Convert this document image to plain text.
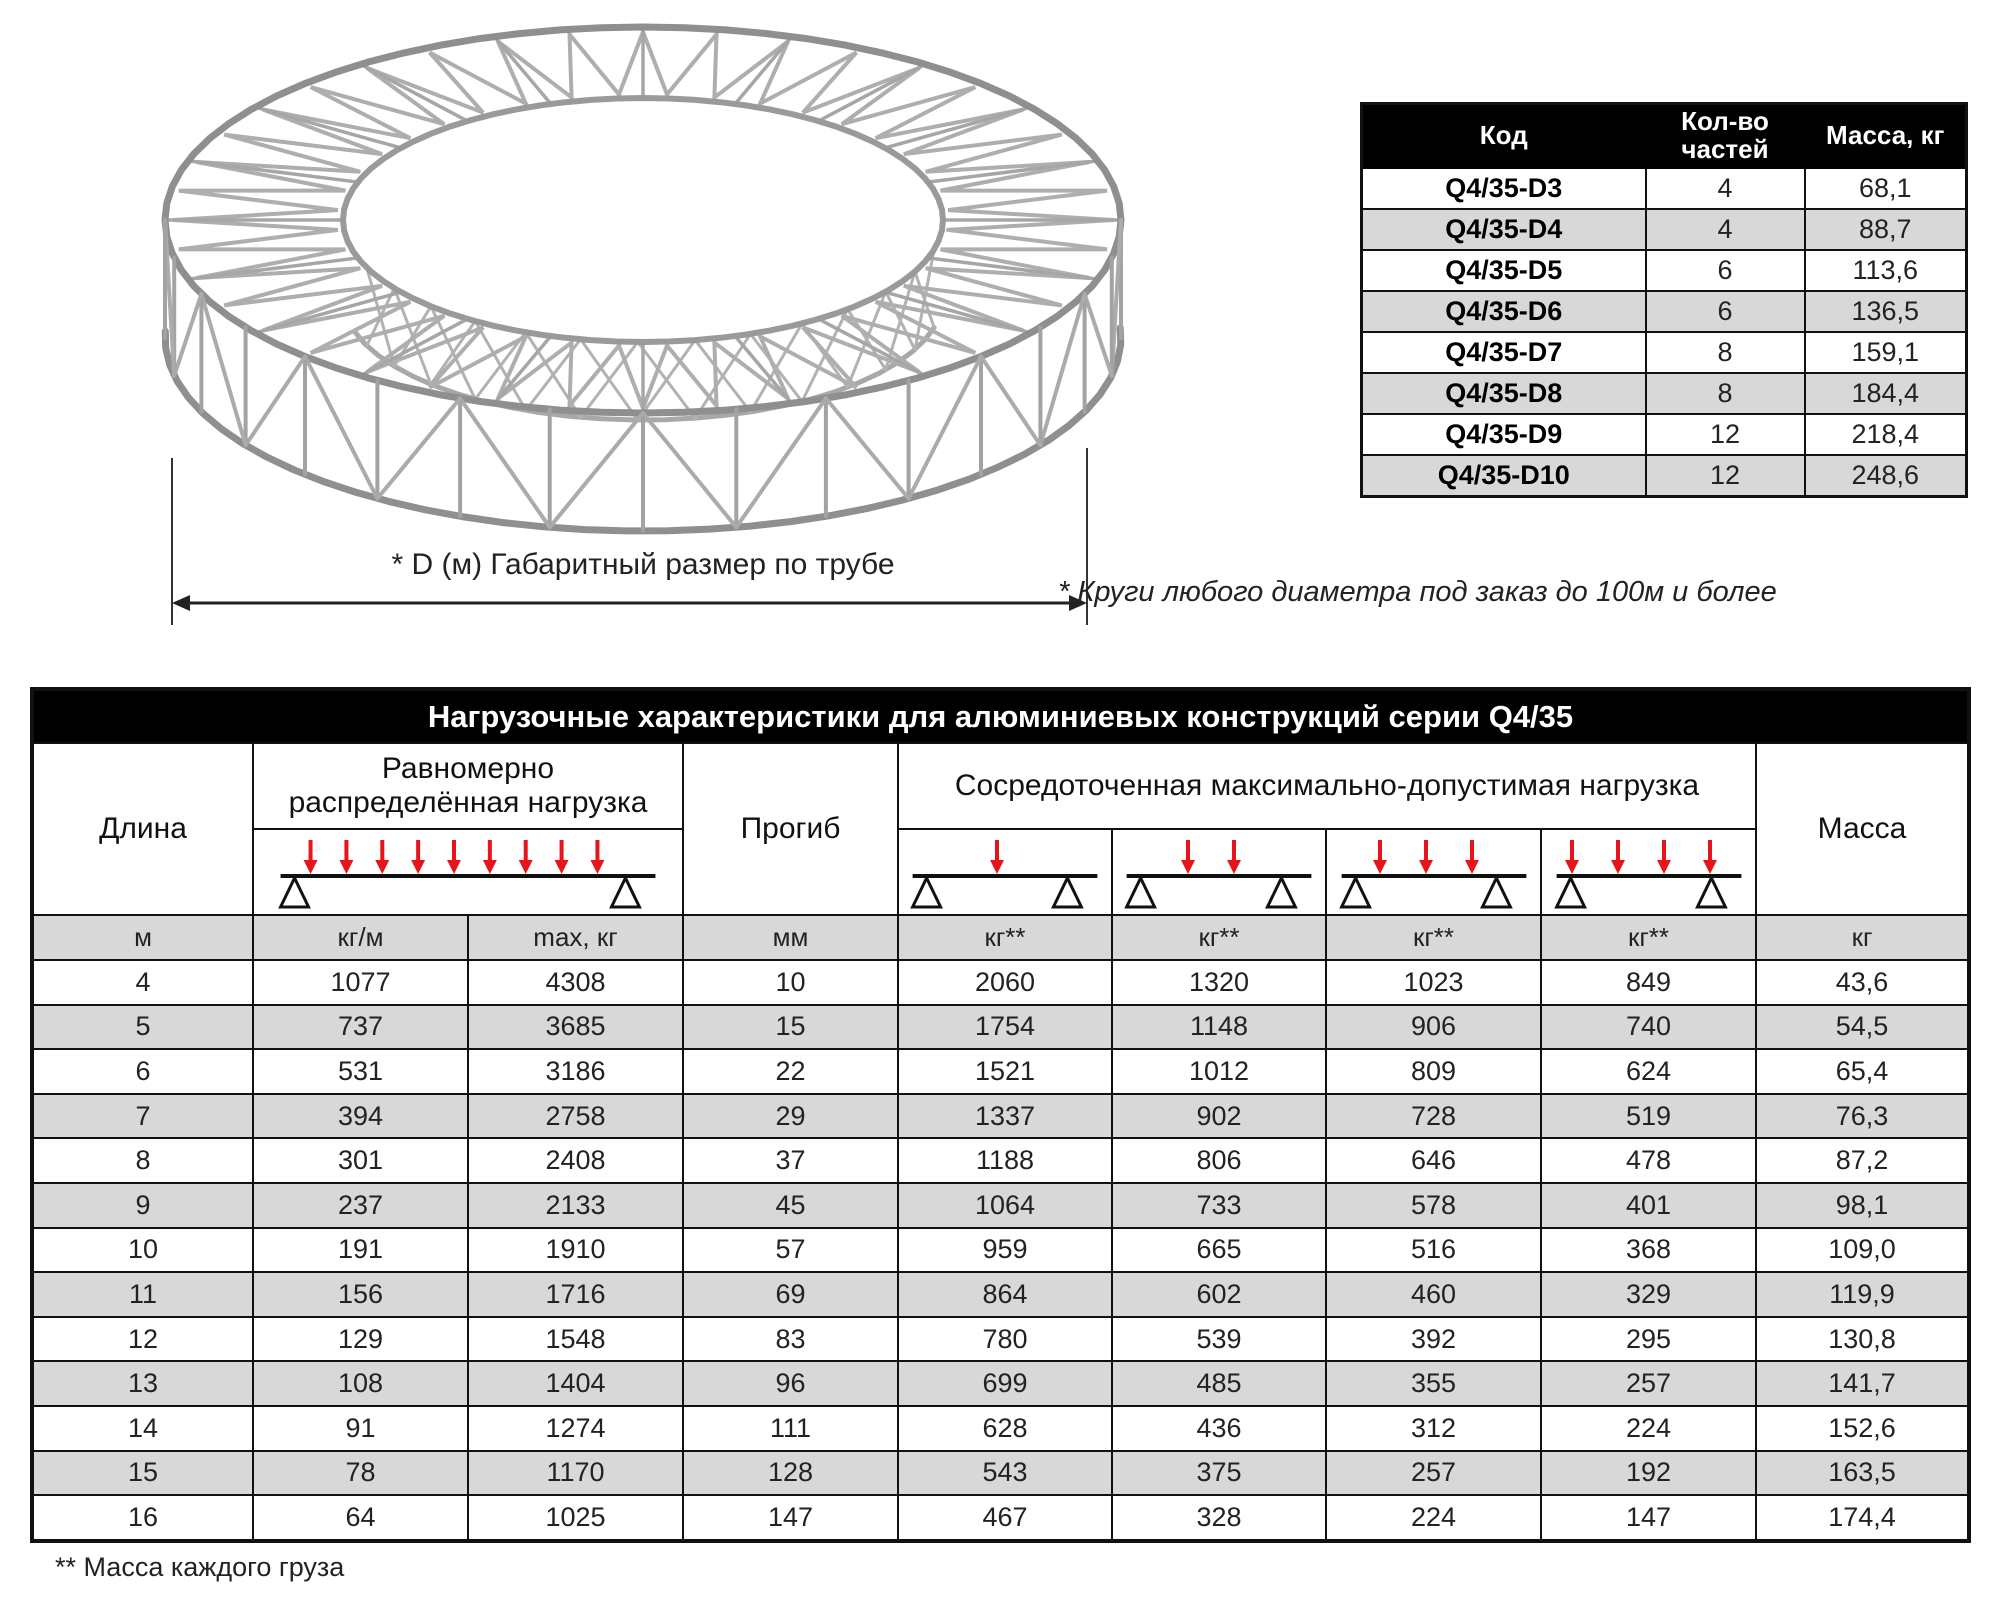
* D (м) Габаритный размер по трубе
Код	Кол-во частей	Масса, кг
Q4/35-D3	4	68,1
Q4/35-D4	4	88,7
Q4/35-D5	6	113,6
Q4/35-D6	6	136,5
Q4/35-D7	8	159,1
Q4/35-D8	8	184,4
Q4/35-D9	12	218,4
Q4/35-D10	12	248,6
* Круги любого диаметра под заказ до 100м и более
Нагрузочные характеристики для алюминиевых конструкций серии Q4/35
Длина
Равномерно распределённая нагрузка
Прогиб
Сосредоточенная максимально-допустимая нагрузка
Масса
м	кг/м	max, кг	мм	кг**	кг**	кг**	кг**	кг
4	1077	4308	10	2060	1320	1023	849	43,6
5	737	3685	15	1754	1148	906	740	54,5
6	531	3186	22	1521	1012	809	624	65,4
7	394	2758	29	1337	902	728	519	76,3
8	301	2408	37	1188	806	646	478	87,2
9	237	2133	45	1064	733	578	401	98,1
10	191	1910	57	959	665	516	368	109,0
11	156	1716	69	864	602	460	329	119,9
12	129	1548	83	780	539	392	295	130,8
13	108	1404	96	699	485	355	257	141,7
14	91	1274	111	628	436	312	224	152,6
15	78	1170	128	543	375	257	192	163,5
16	64	1025	147	467	328	224	147	174,4
** Масса каждого груза
